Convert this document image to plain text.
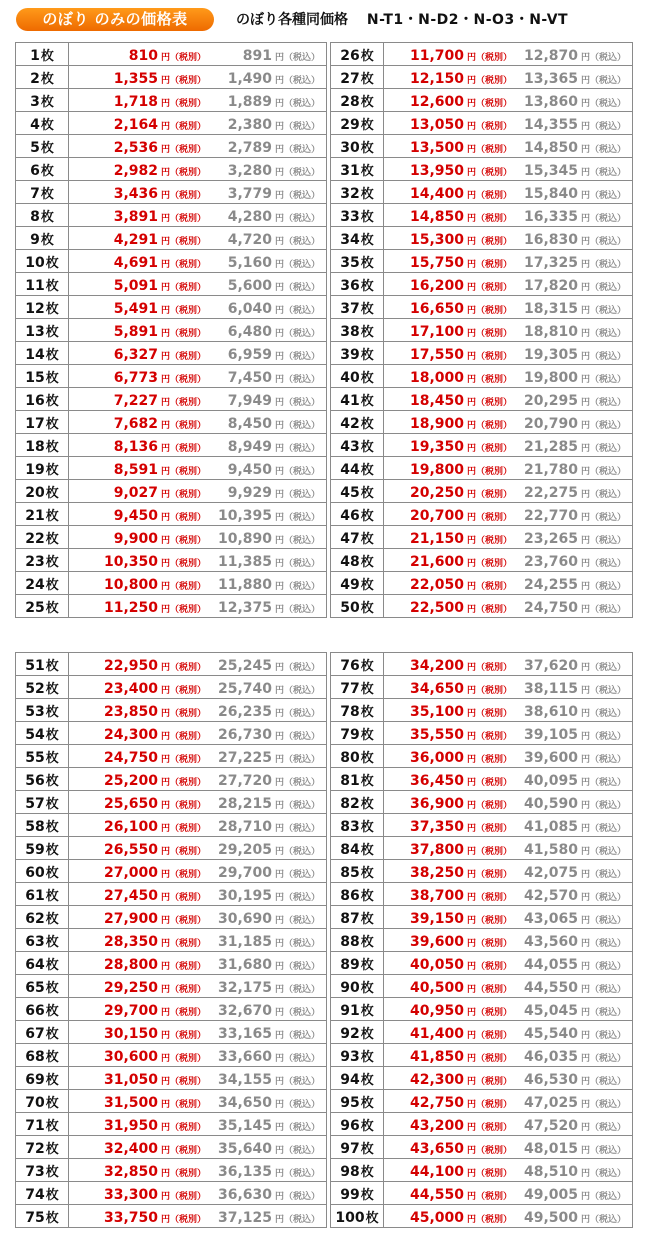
のぼり のみの価格表	のぼり各種同価格 N-T1・N-D2・N-O3・N-VT
1枚	810 円（税別） 891 円（税込）
2枚	1,355 円（税別） 1,490 円（税込）
3枚	1,718 円（税別） 1,889 円（税込）
4枚	2,164 円（税別） 2,380 円（税込）
5枚	2,536 円（税別） 2,789 円（税込）
6枚	2,982 円（税別） 3,280 円（税込）
7枚	3,436 円（税別） 3,779 円（税込）
8枚	3,891 円（税別） 4,280 円（税込）
9枚	4,291 円（税別） 4,720 円（税込）
10枚	4,691 円（税別） 5,160 円（税込）
11枚	5,091 円（税別） 5,600 円（税込）
12枚	5,491 円（税別） 6,040 円（税込）
13枚	5,891 円（税別） 6,480 円（税込）
14枚	6,327 円（税別） 6,959 円（税込）
15枚	6,773 円（税別） 7,450 円（税込）
16枚	7,227 円（税別） 7,949 円（税込）
17枚	7,682 円（税別） 8,450 円（税込）
18枚	8,136 円（税別） 8,949 円（税込）
19枚	8,591 円（税別） 9,450 円（税込）
20枚	9,027 円（税別） 9,929 円（税込）
21枚	9,450 円（税別） 10,395 円（税込）
22枚	9,900 円（税別） 10,890 円（税込）
23枚	10,350 円（税別） 11,385 円（税込）
24枚	10,800 円（税別） 11,880 円（税込）
25枚	11,250 円（税別） 12,375 円（税込）
26枚	11,700 円（税別） 12,870 円（税込）
27枚	12,150 円（税別） 13,365 円（税込）
28枚	12,600 円（税別） 13,860 円（税込）
29枚	13,050 円（税別） 14,355 円（税込）
30枚	13,500 円（税別） 14,850 円（税込）
31枚	13,950 円（税別） 15,345 円（税込）
32枚	14,400 円（税別） 15,840 円（税込）
33枚	14,850 円（税別） 16,335 円（税込）
34枚	15,300 円（税別） 16,830 円（税込）
35枚	15,750 円（税別） 17,325 円（税込）
36枚	16,200 円（税別） 17,820 円（税込）
37枚	16,650 円（税別） 18,315 円（税込）
38枚	17,100 円（税別） 18,810 円（税込）
39枚	17,550 円（税別） 19,305 円（税込）
40枚	18,000 円（税別） 19,800 円（税込）
41枚	18,450 円（税別） 20,295 円（税込）
42枚	18,900 円（税別） 20,790 円（税込）
43枚	19,350 円（税別） 21,285 円（税込）
44枚	19,800 円（税別） 21,780 円（税込）
45枚	20,250 円（税別） 22,275 円（税込）
46枚	20,700 円（税別） 22,770 円（税込）
47枚	21,150 円（税別） 23,265 円（税込）
48枚	21,600 円（税別） 23,760 円（税込）
49枚	22,050 円（税別） 24,255 円（税込）
50枚	22,500 円（税別） 24,750 円（税込）
51枚	22,950 円（税別） 25,245 円（税込）
52枚	23,400 円（税別） 25,740 円（税込）
53枚	23,850 円（税別） 26,235 円（税込）
54枚	24,300 円（税別） 26,730 円（税込）
55枚	24,750 円（税別） 27,225 円（税込）
56枚	25,200 円（税別） 27,720 円（税込）
57枚	25,650 円（税別） 28,215 円（税込）
58枚	26,100 円（税別） 28,710 円（税込）
59枚	26,550 円（税別） 29,205 円（税込）
60枚	27,000 円（税別） 29,700 円（税込）
61枚	27,450 円（税別） 30,195 円（税込）
62枚	27,900 円（税別） 30,690 円（税込）
63枚	28,350 円（税別） 31,185 円（税込）
64枚	28,800 円（税別） 31,680 円（税込）
65枚	29,250 円（税別） 32,175 円（税込）
66枚	29,700 円（税別） 32,670 円（税込）
67枚	30,150 円（税別） 33,165 円（税込）
68枚	30,600 円（税別） 33,660 円（税込）
69枚	31,050 円（税別） 34,155 円（税込）
70枚	31,500 円（税別） 34,650 円（税込）
71枚	31,950 円（税別） 35,145 円（税込）
72枚	32,400 円（税別） 35,640 円（税込）
73枚	32,850 円（税別） 36,135 円（税込）
74枚	33,300 円（税別） 36,630 円（税込）
75枚	33,750 円（税別） 37,125 円（税込）
76枚	34,200 円（税別） 37,620 円（税込）
77枚	34,650 円（税別） 38,115 円（税込）
78枚	35,100 円（税別） 38,610 円（税込）
79枚	35,550 円（税別） 39,105 円（税込）
80枚	36,000 円（税別） 39,600 円（税込）
81枚	36,450 円（税別） 40,095 円（税込）
82枚	36,900 円（税別） 40,590 円（税込）
83枚	37,350 円（税別） 41,085 円（税込）
84枚	37,800 円（税別） 41,580 円（税込）
85枚	38,250 円（税別） 42,075 円（税込）
86枚	38,700 円（税別） 42,570 円（税込）
87枚	39,150 円（税別） 43,065 円（税込）
88枚	39,600 円（税別） 43,560 円（税込）
89枚	40,050 円（税別） 44,055 円（税込）
90枚	40,500 円（税別） 44,550 円（税込）
91枚	40,950 円（税別） 45,045 円（税込）
92枚	41,400 円（税別） 45,540 円（税込）
93枚	41,850 円（税別） 46,035 円（税込）
94枚	42,300 円（税別） 46,530 円（税込）
95枚	42,750 円（税別） 47,025 円（税込）
96枚	43,200 円（税別） 47,520 円（税込）
97枚	43,650 円（税別） 48,015 円（税込）
98枚	44,100 円（税別） 48,510 円（税込）
99枚	44,550 円（税別） 49,005 円（税込）
100枚	45,000 円（税別） 49,500 円（税込）
